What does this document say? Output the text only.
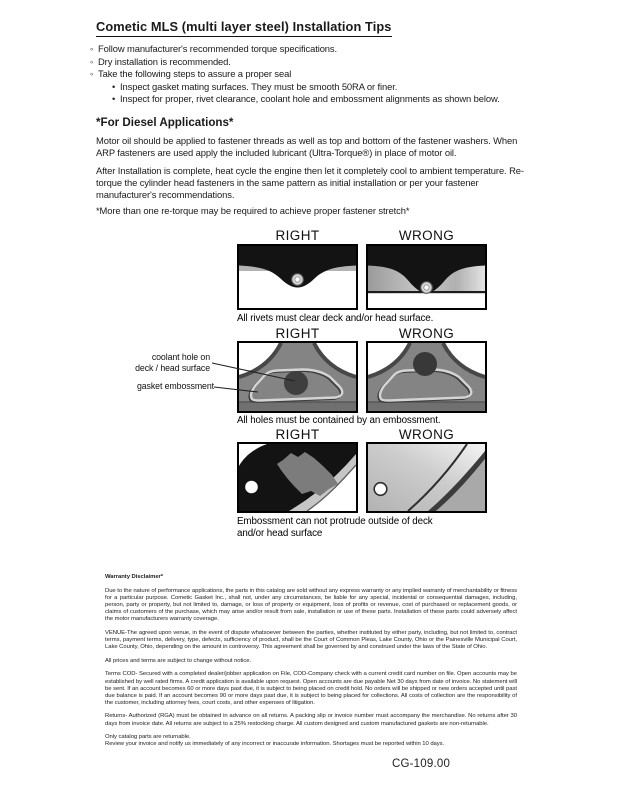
Cometic MLS (multi layer steel) Installation Tips
◦ Follow manufacturer's recommended torque specifications.
◦ Dry installation is recommended.
◦ Take the following steps to assure a proper seal
• Inspect gasket mating surfaces. They must be smooth 50RA or finer.
• Inspect for proper, rivet clearance, coolant hole and embossment alignments as shown below.
*For Diesel Applications*

Motor oil should be applied to fastener threads as well as top and bottom of the fastener washers. When ARP fasteners are used apply the included lubricant (Ultra-Torque®) in place of motor oil.

After Installation is complete, heat cycle the engine then let it completely cool to ambient temperature. Re-torque the cylinder head fasteners in the same pattern as initial installation or per your fastener manufacturer's recommendations.

*More than one re-torque may be required to achieve proper fastener stretch*

RIGHT	WRONG
All rivets must clear deck and/or head surface.
RIGHT	WRONG
All holes must be contained by an embossment.
coolant hole on
deck / head surface
gasket embossment
RIGHT	WRONG
Embossment can not protrude outside of deck and/or head surface

Warranty Disclaimer*

Due to the nature of performance applications, the parts in this catalog are sold without any express warranty or any implied warranty of merchantability or fitness for a particular purpose. Cometic Gasket Inc., shall not, under any circumstances, be liable for any special, incidental or consequential damages, including, person, party or property, but not limited to, damage, or loss of property or equipment, loss of profits or revenue, cost of purchased or replacement goods, or claims of customers of the purchase, which may arise and/or result from sale, installation or use of these parts. Installation of these parts could adversely affect the motor manufacturers warranty coverage.

VENUE-The agreed upon venue, in the event of dispute whatsoever between the parties, whether instituted by either party, including, but not limited to, contract terms, payment terms, delivery, type, defects, sufficiency of product, shall be the Court of Common Pleas, Lake County, Ohio or the Painesville Municipal Court, Lake County, Ohio, depending on the amount in controversy. This agreement shall be governed by and construed under the laws of the State of Ohio.

All prices and terms are subject to change without notice.

Terms COD- Secured with a completed dealer/jobber application on File, COD-Company check with a current credit card number on file. Open accounts may be established by well rated firms. A credit application is available upon request. Open accounts are due payable Net 30 days from date of invoice. No statement will be sent. If an account becomes 60 or more days past due, it is subject to being placed on credit hold. No orders will be shipped or new orders accepted until past due balance is paid. If an account becomes 90 or more days past due, it is subject to being placed for collections. All costs of collection are the responsibility of the customer, including attorney fees, court costs, and other expenses of litigation.

Returns- Authorized (RGA) must be obtained in advance on all returns. A packing slip or invoice number must accompany the merchandise. No returns after 30 days from invoice date. All returns are subject to a 25% restocking charge. All custom designed and custom manufactured gaskets are non-returnable.

Only catalog parts are returnable.

Review your invoice and notify us immediately of any incorrect or inaccurate information. Shortages must be reported within 10 days.

CG-109.00
